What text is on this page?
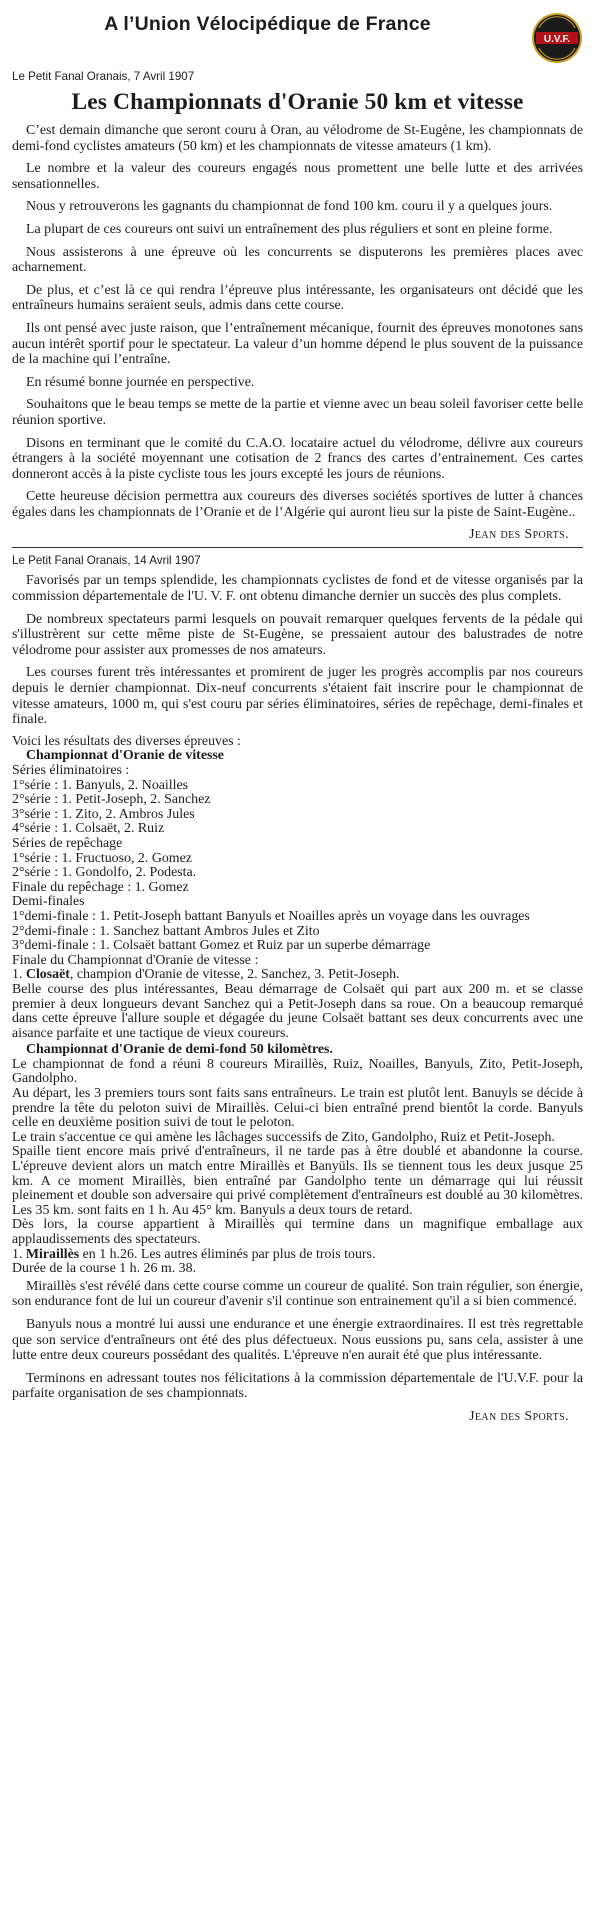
A l’Union Vélocipédique de France
U.V.F.
Le Petit Fanal Oranais, 7 Avril 1907
Les Championnats d'Oranie 50 km et vitesse

C’est demain dimanche que seront couru à Oran, au vélodrome de St-Eugène, les championnats de demi-fond cyclistes amateurs (50 km) et les championnats de vitesse amateurs (1 km).

Le nombre et la valeur des coureurs engagés nous promettent une belle lutte et des arrivées sensationnelles.

Nous y retrouverons les gagnants du championnat de fond 100 km. couru il y a quelques jours.

La plupart de ces coureurs ont suivi un entraînement des plus réguliers et sont en pleine forme.

Nous assisterons à une épreuve où les concurrents se disputerons les premières places avec acharnement.

De plus, et c’est là ce qui rendra l’épreuve plus intéressante, les organisateurs ont décidé que les entraîneurs humains seraient seuls, admis dans cette course.

Ils ont pensé avec juste raison, que l’entraînement mécanique, fournit des épreuves monotones sans aucun intérêt sportif pour le spectateur. La valeur d’un homme dépend le plus souvent de la puissance de la machine qui l’entraîne.

En résumé bonne journée en perspective.

Souhaitons que le beau temps se mette de la partie et vienne avec un beau soleil favoriser cette belle réunion sportive.

Disons en terminant que le comité du C.A.O. locataire actuel du vélodrome, délivre aux coureurs étrangers à la société moyennant une cotisation de 2 francs des cartes d’entrainement. Ces cartes donneront accès à la piste cycliste tous les jours excepté les jours de réunions.

Cette heureuse décision permettra aux coureurs des diverses sociétés sportives de lutter à chances égales dans les championnats de l’Oranie et de l’Algérie qui auront lieu sur la piste de Saint-Eugène..

Jean des Sports.
Le Petit Fanal Oranais, 14 Avril 1907

Favorisés par un temps splendide, les championnats cyclistes de fond et de vitesse organisés par la commission départementale de l'U. V. F. ont obtenu dimanche dernier un succès des plus complets.

De nombreux spectateurs parmi lesquels on pouvait remarquer quelques fervents de la pédale qui s'illustrèrent sur cette même piste de St-Eugène, se pressaient autour des balustrades de notre vélodrome pour assister aux promesses de nos amateurs.

Les courses furent très intéressantes et promirent de juger les progrès accomplis par nos coureurs depuis le dernier championnat. Dix-neuf concurrents s'étaient fait inscrire pour le championnat de vitesse amateurs, 1000 m, qui s'est couru par séries éliminatoires, séries de repêchage, demi-finales et finale.

Voici les résultats des diverses épreuves :
Championnat d'Oranie de vitesse
Séries éliminatoires :
1°série : 1. Banyuls, 2. Noailles
2°série : 1. Petit-Joseph, 2. Sanchez
3°série : 1. Zito, 2. Ambros Jules
4°série : 1. Colsaët, 2. Ruiz
Séries de repêchage
1°série : 1. Fructuoso, 2. Gomez
2°série : 1. Gondolfo, 2. Podesta.
Finale du repêchage : 1. Gomez
Demi-finales
1°demi-finale : 1. Petit-Joseph battant Banyuls et Noailles après un voyage dans les ouvrages
2°demi-finale : 1. Sanchez battant Ambros Jules et Zito
3°demi-finale : 1. Colsaët battant Gomez et Ruiz par un superbe démarrage
Finale du Championnat d'Oranie de vitesse :
1. Closaët, champion d'Oranie de vitesse, 2. Sanchez, 3. Petit-Joseph.
Belle course des plus intéressantes, Beau démarrage de Colsaët qui part aux 200 m. et se classe premier à deux longueurs devant Sanchez qui a Petit-Joseph dans sa roue. On a beaucoup remarqué dans cette épreuve l'allure souple et dégagée du jeune Colsaët battant ses deux concurrents avec une aisance parfaite et une tactique de vieux coureurs.
Championnat d'Oranie de demi-fond 50 kilomètres.
Le championnat de fond a réuni 8 coureurs Miraillès, Ruiz, Noailles, Banyuls, Zito, Petit-Joseph, Gandolpho.
Au départ, les 3 premiers tours sont faits sans entraîneurs. Le train est plutôt lent. Banuyls se décide à prendre la tête du peloton suivi de Miraillès. Celui-ci bien entraîné prend bientôt la corde. Banyuls celle en deuxième position suivi de tout le peloton.
Le train s'accentue ce qui amène les lâchages successifs de Zito, Gandolpho, Ruiz et Petit-Joseph.
Spaille tient encore mais privé d'entraîneurs, il ne tarde pas à être doublé et abandonne la course. L'épreuve devient alors un match entre Miraillès et Banyüls. Ils se tiennent tous les deux jusque 25 km. A ce moment Miraillès, bien entraîné par Gandolpho tente un démarrage qui lui réussit pleinement et double son adversaire qui privé complètement d'entraîneurs est doublé au 30 kilomètres. Les 35 km. sont faits en 1 h. Au 45° km. Banyuls a deux tours de retard.
Dès lors, la course appartient à Miraillès qui termine dans un magnifique emballage aux applaudissements des spectateurs.
1. Miraillès en 1 h.26. Les autres éliminés par plus de trois tours.
Durée de la course 1 h. 26 m. 38.

Miraillès s'est révélé dans cette course comme un coureur de qualité. Son train régulier, son énergie, son endurance font de lui un coureur d'avenir s'il continue son entrainement qu'il a si bien commencé.

Banyuls nous a montré lui aussi une endurance et une énergie extraordinaires. Il est très regrettable que son service d'entraîneurs ont été des plus défectueux. Nous eussions pu, sans cela, assister à une lutte entre deux coureurs possédant des qualités. L'épreuve n'en aurait été que plus intéressante.

Terminons en adressant toutes nos félicitations à la commission départementale de l'U.V.F. pour la parfaite organisation de ses championnats.

Jean des Sports.
